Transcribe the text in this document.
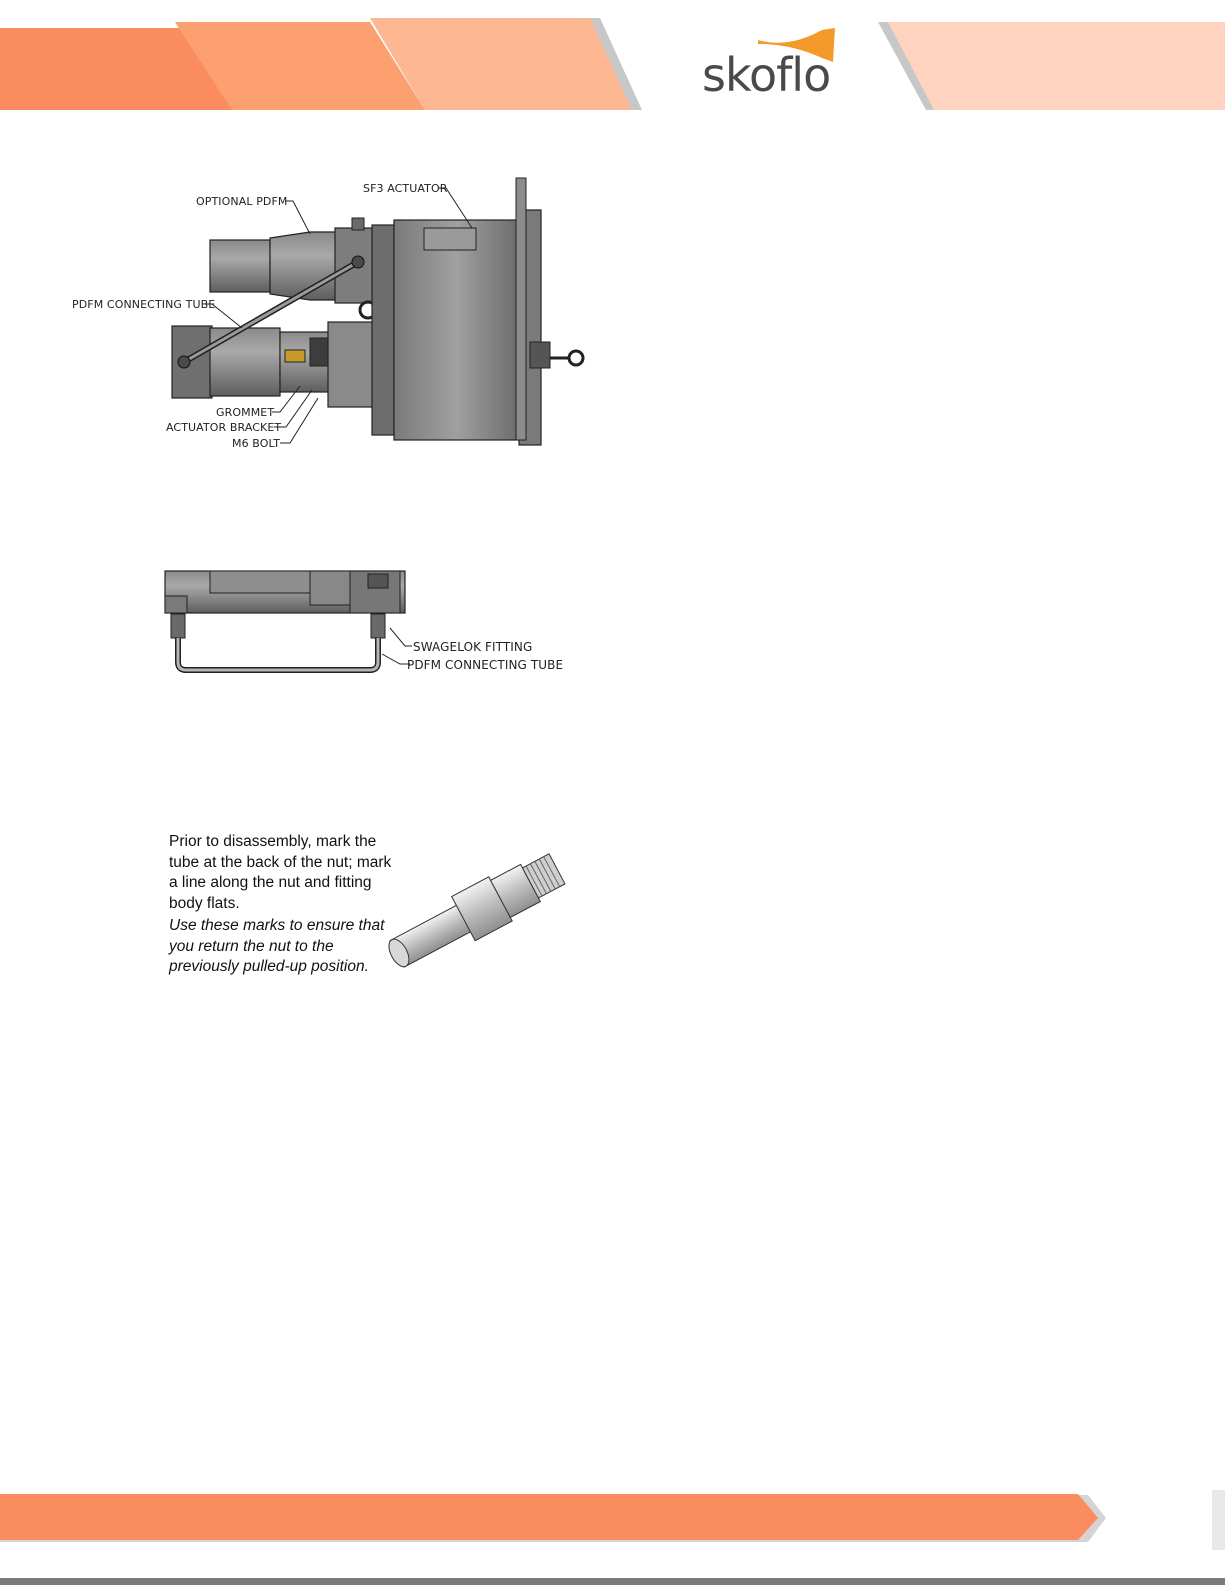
skoflo
SF3 ACTUATOR
OPTIONAL PDFM
PDFM CONNECTING TUBE
GROMMET
ACTUATOR BRACKET
M6 BOLT
SWAGELOK FITTING
PDFM CONNECTING TUBE

Prior to disassembly, mark the tube at the back of the nut; mark a line along the nut and fitting body flats.

Use these marks to ensure that you return the nut to the previously pulled-up position.
